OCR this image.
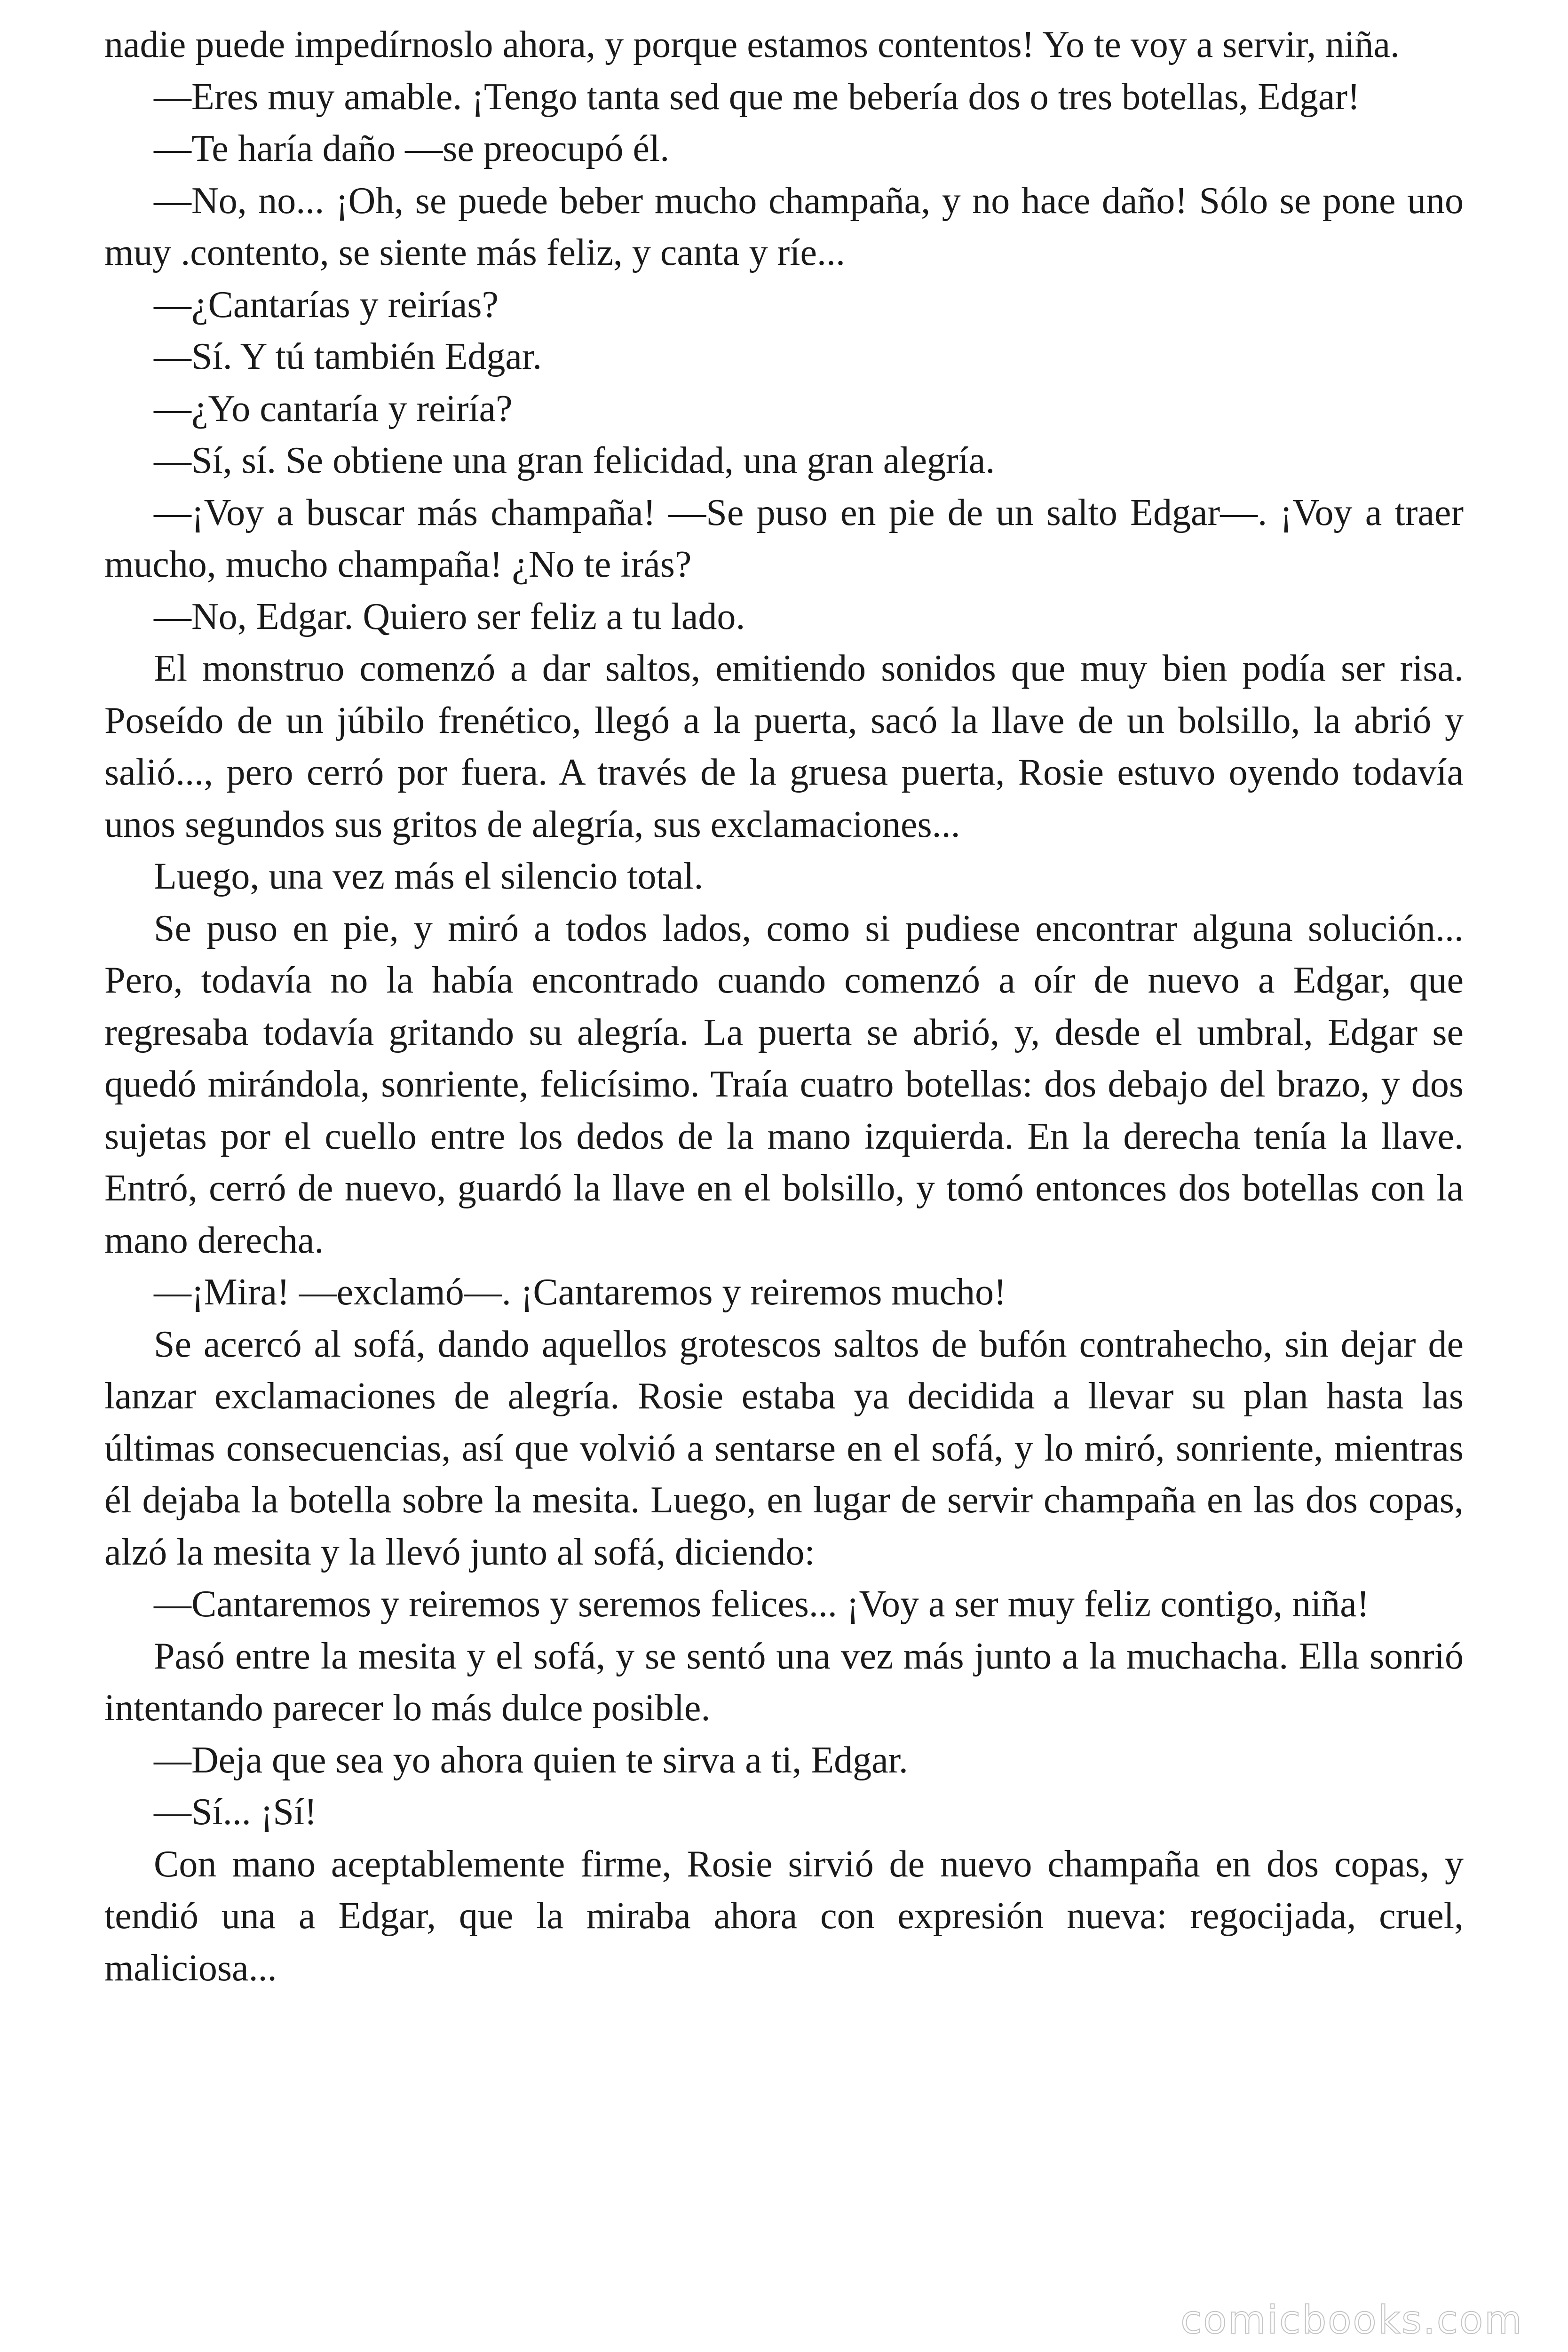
nadie puede impedírnoslo ahora, y porque estamos contentos! Yo te voy a servir, niña.

—Eres muy amable. ¡Tengo tanta sed que me bebería dos o tres botellas, Edgar!

—Te haría daño —se preocupó él.

—No, no... ¡Oh, se puede beber mucho champaña, y no hace daño! Sólo se pone uno muy .contento, se siente más feliz, y canta y ríe...

—¿Cantarías y reirías?

—Sí. Y tú también Edgar.

—¿Yo cantaría y reiría?

—Sí, sí. Se obtiene una gran felicidad, una gran alegría.

—¡Voy a buscar más champaña! —Se puso en pie de un salto Edgar—. ¡Voy a traer mucho, mucho champaña! ¿No te irás?

—No, Edgar. Quiero ser feliz a tu lado.

El monstruo comenzó a dar saltos, emitiendo sonidos que muy bien podía ser risa. Poseído de un júbilo frenético, llegó a la puerta, sacó la llave de un bolsillo, la abrió y salió..., pero cerró por fuera. A través de la gruesa puerta, Rosie estuvo oyendo todavía unos segundos sus gritos de alegría, sus exclamaciones...

Luego, una vez más el silencio total.

Se puso en pie, y miró a todos lados, como si pudiese encontrar alguna solución... Pero, todavía no la había encontrado cuando comenzó a oír de nuevo a Edgar, que regresaba todavía gritando su alegría. La puerta se abrió, y, desde el umbral, Edgar se quedó mirándola, sonriente, felicísimo. Traía cuatro botellas: dos debajo del brazo, y dos sujetas por el cuello entre los dedos de la mano izquierda. En la derecha tenía la llave. Entró, cerró de nuevo, guardó la llave en el bolsillo, y tomó entonces dos botellas con la mano derecha.

—¡Mira! —exclamó—. ¡Cantaremos y reiremos mucho!

Se acercó al sofá, dando aquellos grotescos saltos de bufón contrahecho, sin dejar de lanzar exclamaciones de alegría. Rosie estaba ya decidida a llevar su plan hasta las últimas consecuencias, así que volvió a sentarse en el sofá, y lo miró, sonriente, mientras él dejaba la botella sobre la mesita. Luego, en lugar de servir champaña en las dos copas, alzó la mesita y la llevó junto al sofá, diciendo:

—Cantaremos y reiremos y seremos felices... ¡Voy a ser muy feliz contigo, niña!

Pasó entre la mesita y el sofá, y se sentó una vez más junto a la muchacha. Ella sonrió intentando parecer lo más dulce posible.

—Deja que sea yo ahora quien te sirva a ti, Edgar.

—Sí... ¡Sí!

Con mano aceptablemente firme, Rosie sirvió de nuevo champaña en dos copas, y tendió una a Edgar, que la miraba ahora con expresión nueva: regocijada, cruel, maliciosa...

comicbooks.com
